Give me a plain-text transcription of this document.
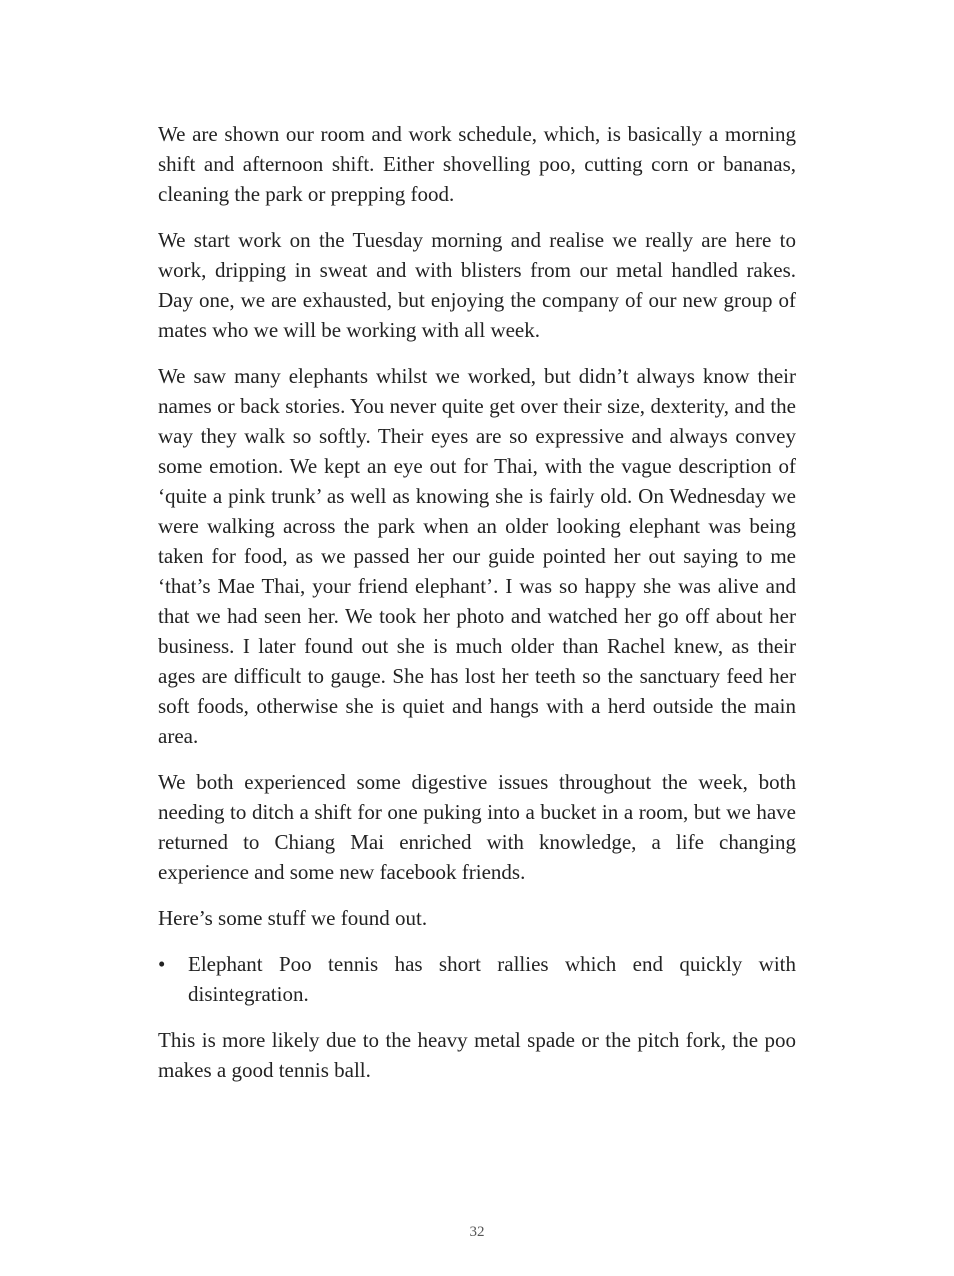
We are shown our room and work schedule, which, is basically a morning shift and afternoon shift. Either shovelling poo, cutting corn or bananas, cleaning the park or prepping food.

We start work on the Tuesday morning and realise we really are here to work, dripping in sweat and with blisters from our metal handled rakes. Day one, we are exhausted, but enjoying the company of our new group of mates who we will be working with all week.

We saw many elephants whilst we worked, but didn’t always know their names or back stories. You never quite get over their size, dexterity, and the way they walk so softly. Their eyes are so expressive and always convey some emotion. We kept an eye out for Thai, with the vague description of ‘quite a pink trunk’ as well as knowing she is fairly old. On Wednesday we were walking across the park when an older looking elephant was being taken for food, as we passed her our guide pointed her out saying to me ‘that’s Mae Thai, your friend elephant’. I was so happy she was alive and that we had seen her. We took her photo and watched her go off about her business. I later found out she is much older than Rachel knew, as their ages are difficult to gauge. She has lost her teeth so the sanctuary feed her soft foods, otherwise she is quiet and hangs with a herd outside the main area.

We both experienced some digestive issues throughout the week, both needing to ditch a shift for one puking into a bucket in a room, but we have returned to Chiang Mai enriched with knowledge, a life changing experience and some new facebook friends.

Here’s some stuff we found out.

•	Elephant Poo tennis has short rallies which end quickly with disintegration.

This is more likely due to the heavy metal spade or the pitch fork, the poo makes a good tennis ball.

32
